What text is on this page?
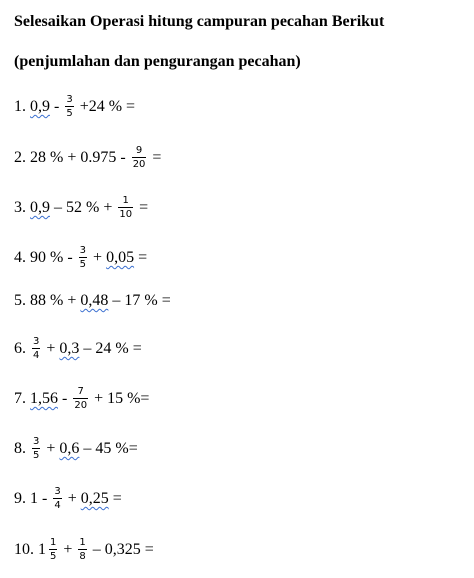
Selesaikan Operasi hitung campuran pecahan Berikut
(penjumlahan dan pengurangan pecahan)
1. $0,9 - \frac{3}{5} +24$ % =
2. 28 % + $0.975 - \frac{9}{20}$ =
3. 0,9 – 52 % + $\frac{1}{10}$ =
4. 90 % - $\frac{3}{5} + 0,05$ =
5. 88 % + 0,48 – 17 % =
6. $\frac{3}{4} + 0,3 - 24$ % =
7. $1,56 - \frac{7}{20} + 15$ %=
8. $\frac{3}{5} + 0,6 - 45$ %=
9. $1 - \frac{3}{4} + 0,25$ =
10. $1 \frac{1}{5} + \frac{1}{8} - 0,325$ =
